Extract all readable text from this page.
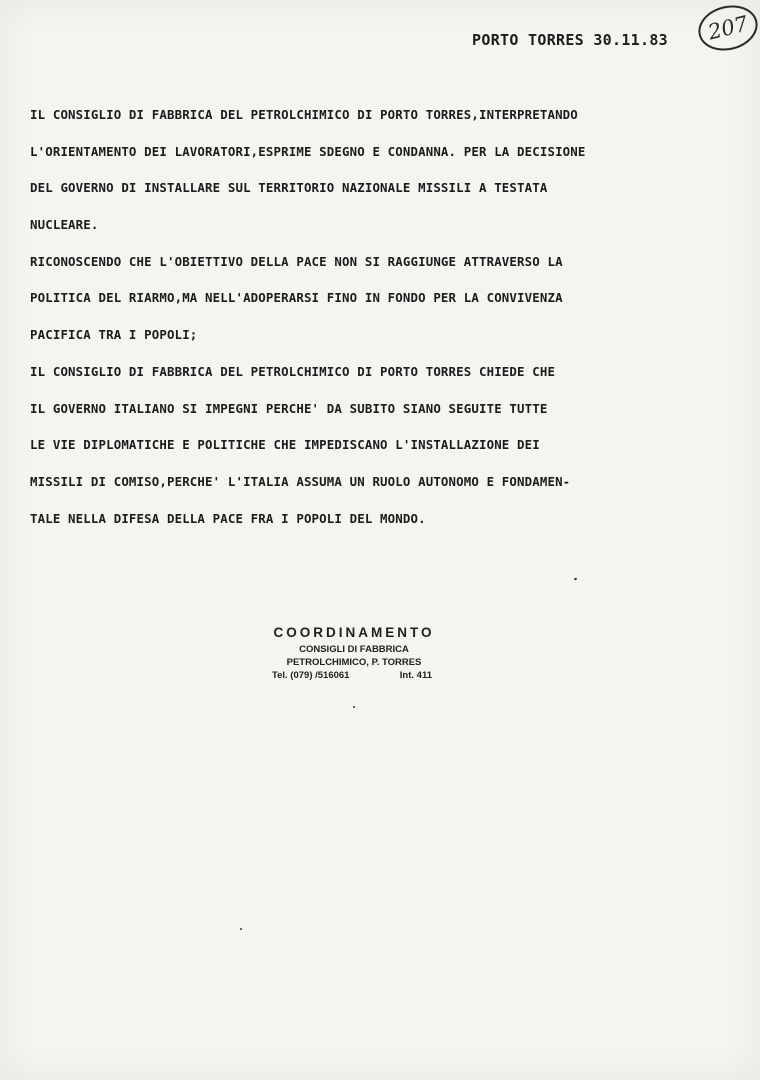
207
PORTO TORRES 30.11.83
IL CONSIGLIO DI FABBRICA DEL PETROLCHIMICO DI PORTO TORRES,INTERPRETANDO
L'ORIENTAMENTO DEI LAVORATORI,ESPRIME SDEGNO E CONDANNA. PER LA DECISIONE
DEL GOVERNO DI INSTALLARE SUL TERRITORIO NAZIONALE MISSILI A TESTATA
NUCLEARE.
RICONOSCENDO CHE L'OBIETTIVO DELLA PACE NON SI RAGGIUNGE ATTRAVERSO LA
POLITICA DEL RIARMO,MA NELL'ADOPERARSI FINO IN FONDO PER LA CONVIVENZA
PACIFICA TRA I POPOLI;
IL CONSIGLIO DI FABBRICA DEL PETROLCHIMICO DI PORTO TORRES CHIEDE CHE
IL GOVERNO ITALIANO SI IMPEGNI PERCHE' DA SUBITO SIANO SEGUITE TUTTE
LE VIE DIPLOMATICHE E POLITICHE CHE IMPEDISCANO L'INSTALLAZIONE DEI
MISSILI DI COMISO,PERCHE' L'ITALIA ASSUMA UN RUOLO AUTONOMO E FONDAMEN-
TALE NELLA DIFESA DELLA PACE FRA I POPOLI DEL MONDO.
COORDINAMENTO
CONSIGLI DI FABBRICA
PETROLCHIMICO, P. TORRES
Tel. (079) /516061	Int. 411
